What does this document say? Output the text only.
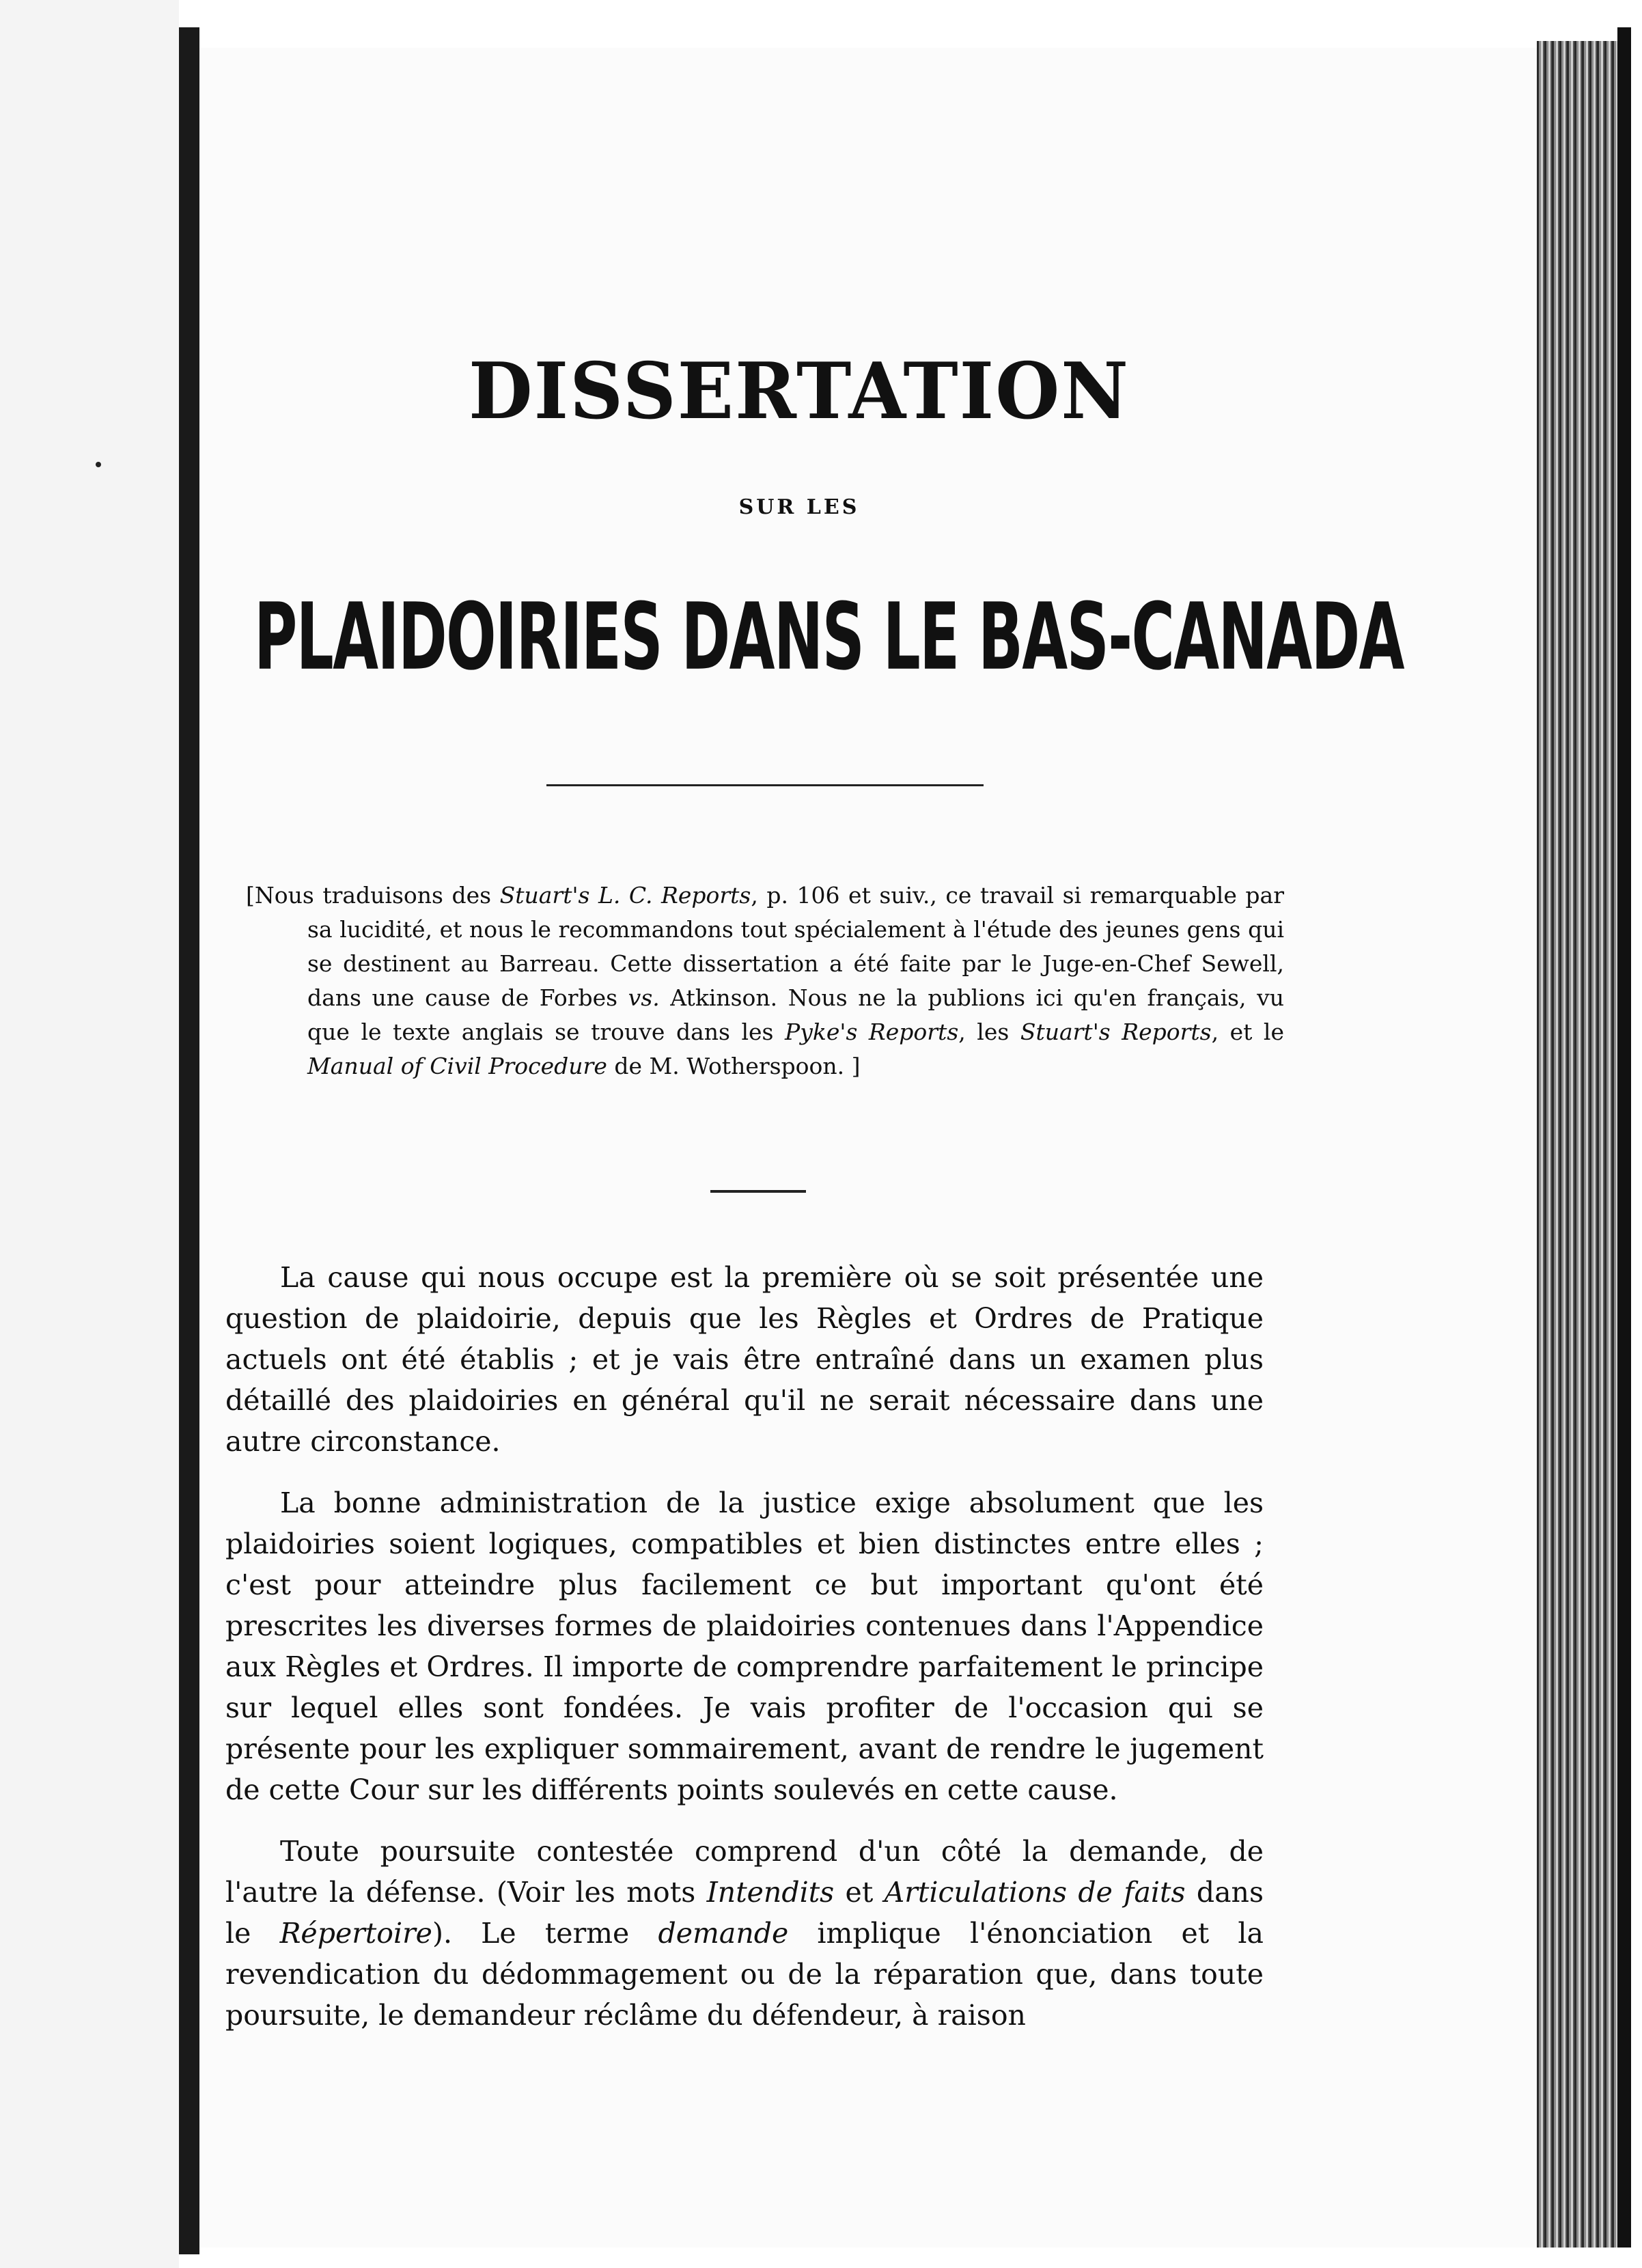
DISSERTATION
SUR LES
PLAIDOIRIES DANS LE BAS-CANADA

[ Nous traduisons des Stuart's L. C. Reports, p. 106 et suiv., ce travail si remarquable par sa lucidité, et nous le recommandons tout spécialement à l'étude des jeunes gens qui se destinent au Barreau. Cette dissertation a été faite par le Juge-en-Chef Sewell, dans une cause de Forbes vs. Atkinson. Nous ne la publions ici qu'en français, vu que le texte anglais se trouve dans les Pyke's Reports, les Stuart's Reports, et le Manual of Civil Procedure de M. Wotherspoon. ]

La cause qui nous occupe est la première où se soit présentée une question de plaidoirie, depuis que les Règles et Ordres de Pratique actuels ont été établis ; et je vais être entraîné dans un examen plus détaillé des plaidoiries en général qu'il ne serait nécessaire dans une autre circonstance.

La bonne administration de la justice exige absolument que les plaidoiries soient logiques, compatibles et bien distinctes entre elles ; c'est pour atteindre plus facilement ce but important qu'ont été prescrites les diverses formes de plaidoiries contenues dans l'Appendice aux Règles et Ordres. Il importe de comprendre parfaitement le principe sur lequel elles sont fondées. Je vais profiter de l'occasion qui se présente pour les expliquer sommairement, avant de rendre le jugement de cette Cour sur les différents points soulevés en cette cause.

Toute poursuite contestée comprend d'un côté la demande, de l'autre la défense. (Voir les mots Intendits et Articulations de faits dans le Répertoire). Le terme demande implique l'énonciation et la revendication du dédommagement ou de la réparation que, dans toute poursuite, le demandeur réclâme du défendeur, à raison
